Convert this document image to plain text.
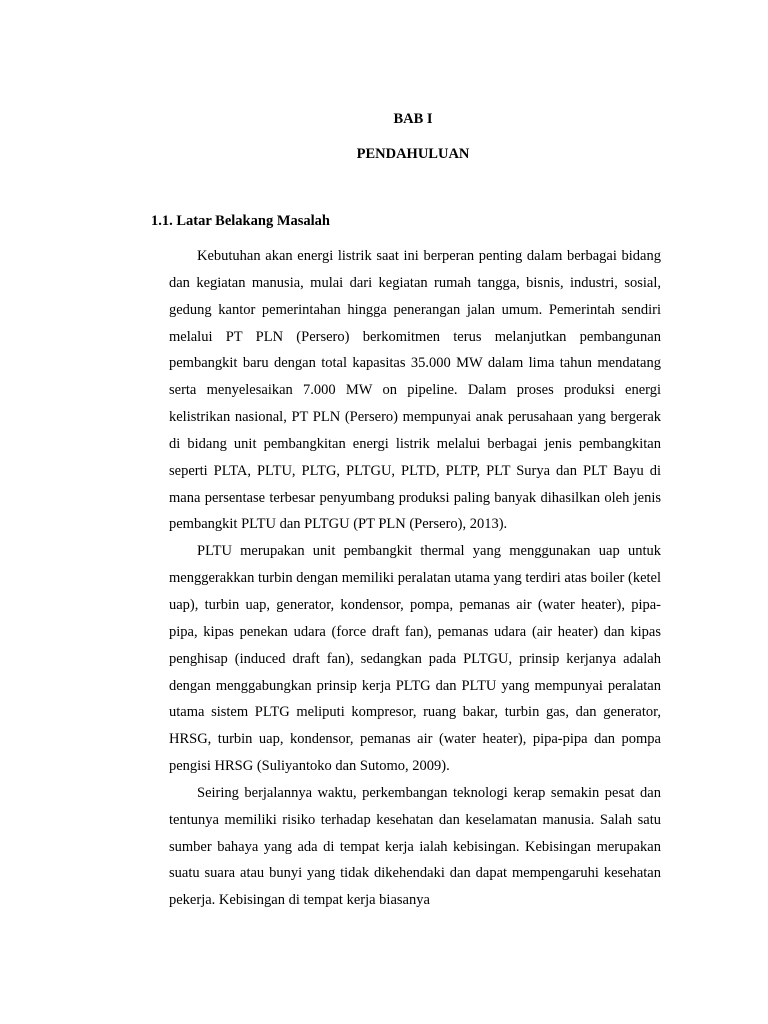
BAB I
PENDAHULUAN
1.1. Latar Belakang Masalah

Kebutuhan akan energi listrik saat ini berperan penting dalam berbagai bidang dan kegiatan manusia, mulai dari kegiatan rumah tangga, bisnis, industri, sosial, gedung kantor pemerintahan hingga penerangan jalan umum. Pemerintah sendiri melalui PT PLN (Persero) berkomitmen terus melanjutkan pembangunan pembangkit baru dengan total kapasitas 35.000 MW dalam lima tahun mendatang serta menyelesaikan 7.000 MW on pipeline. Dalam proses produksi energi kelistrikan nasional, PT PLN (Persero) mempunyai anak perusahaan yang bergerak di bidang unit pembangkitan energi listrik melalui berbagai jenis pembangkitan seperti PLTA, PLTU, PLTG, PLTGU, PLTD, PLTP, PLT Surya dan PLT Bayu di mana persentase terbesar penyumbang produksi paling banyak dihasilkan oleh jenis pembangkit PLTU dan PLTGU (PT PLN (Persero), 2013).

PLTU merupakan unit pembangkit thermal yang menggunakan uap untuk menggerakkan turbin dengan memiliki peralatan utama yang terdiri atas boiler (ketel uap), turbin uap, generator, kondensor, pompa, pemanas air (water heater), pipa-pipa, kipas penekan udara (force draft fan), pemanas udara (air heater) dan kipas penghisap (induced draft fan), sedangkan pada PLTGU, prinsip kerjanya adalah dengan menggabungkan prinsip kerja PLTG dan PLTU yang mempunyai peralatan utama sistem PLTG meliputi kompresor, ruang bakar, turbin gas, dan generator, HRSG, turbin uap, kondensor, pemanas air (water heater), pipa-pipa dan pompa pengisi HRSG (Suliyantoko dan Sutomo, 2009).

Seiring berjalannya waktu, perkembangan teknologi kerap semakin pesat dan tentunya memiliki risiko terhadap kesehatan dan keselamatan manusia. Salah satu sumber bahaya yang ada di tempat kerja ialah kebisingan. Kebisingan merupakan suatu suara atau bunyi yang tidak dikehendaki dan dapat mempengaruhi kesehatan pekerja. Kebisingan di tempat kerja biasanya
